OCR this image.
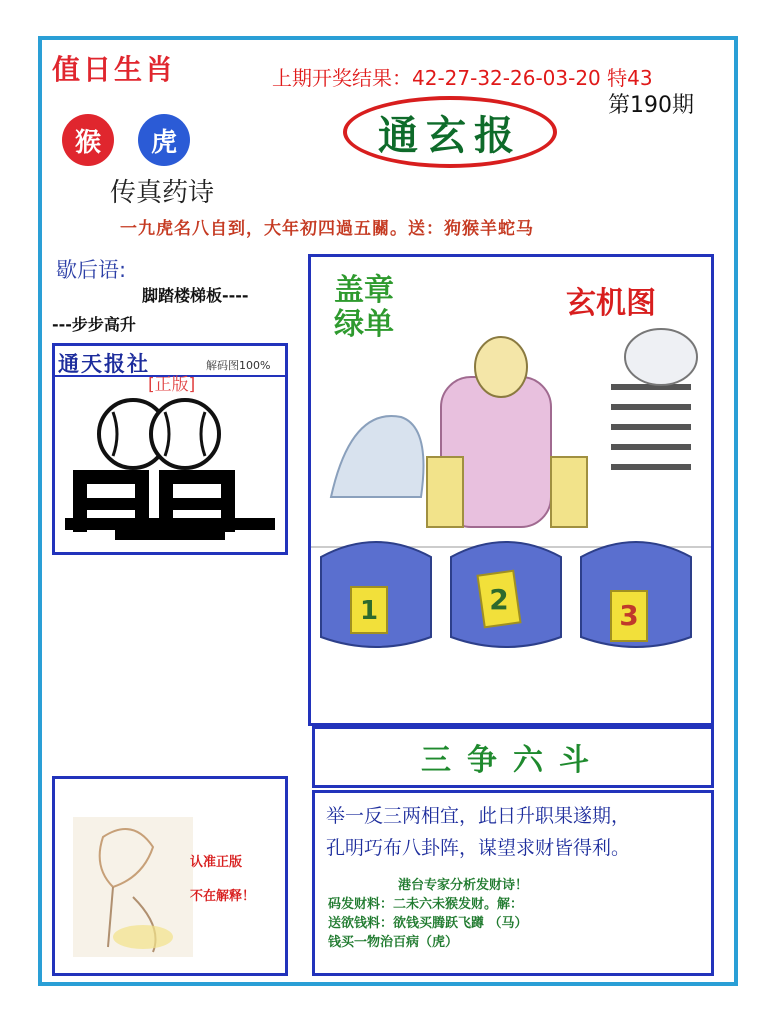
值日生肖	上期开奖结果：42-27-32-26-03-20 特43
第190期
猴	虎	通玄报
传真药诗
一九虎名八自到，大年初四過五關。送：狗猴羊蛇马
歇后语:
脚踏楼梯板----
---步步高升
通天报社	解码图100%
[正版]
1	2	3
盖章
绿单
玄机图
三争六斗
举一反三两相宜，此日升职果遂期，
孔明巧布八卦阵，谋望求财皆得利。
港台专家分析发财诗！
码发财料：二未六未猴发财。解：
送欲钱料：欲钱买腾跃飞蹲 （马）
钱买一物治百病（虎）
认准正版
不在解释！
